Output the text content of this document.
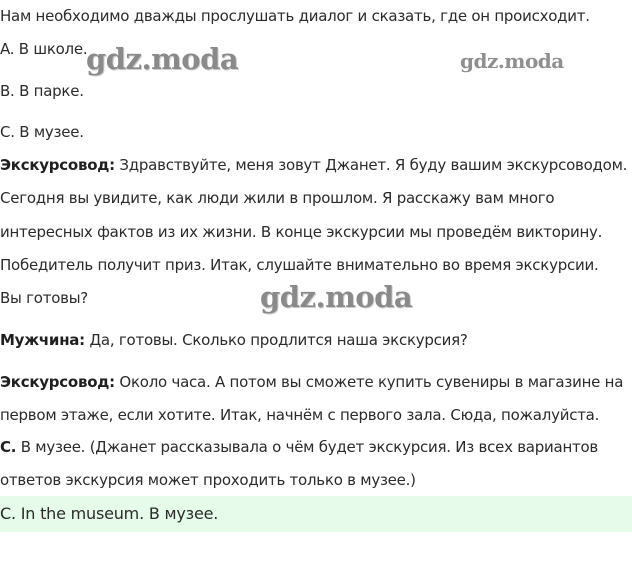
Нам необходимо дважды прослушать диалог и сказать, где он происходит.
A. В школе.
B. В парке.
C. В музее.
Экскурсовод: Здравствуйте, меня зовут Джанет. Я буду вашим экскурсоводом.
Сегодня вы увидите, как люди жили в прошлом. Я расскажу вам много
интересных фактов из их жизни. В конце экскурсии мы проведём викторину.
Победитель получит приз. Итак, слушайте внимательно во время экскурсии.
Вы готовы?
Мужчина: Да, готовы. Сколько продлится наша экскурсия?
Экскурсовод: Около часа. А потом вы сможете купить сувениры в магазине на
первом этаже, если хотите. Итак, начнём с первого зала. Сюда, пожалуйста.
C. В музее. (Джанет рассказывала о чём будет экскурсия. Из всех вариантов
ответов экскурсия может проходить только в музее.)
C. In the museum. В музее.
gdz.moda	gdz.moda
gdz.moda
